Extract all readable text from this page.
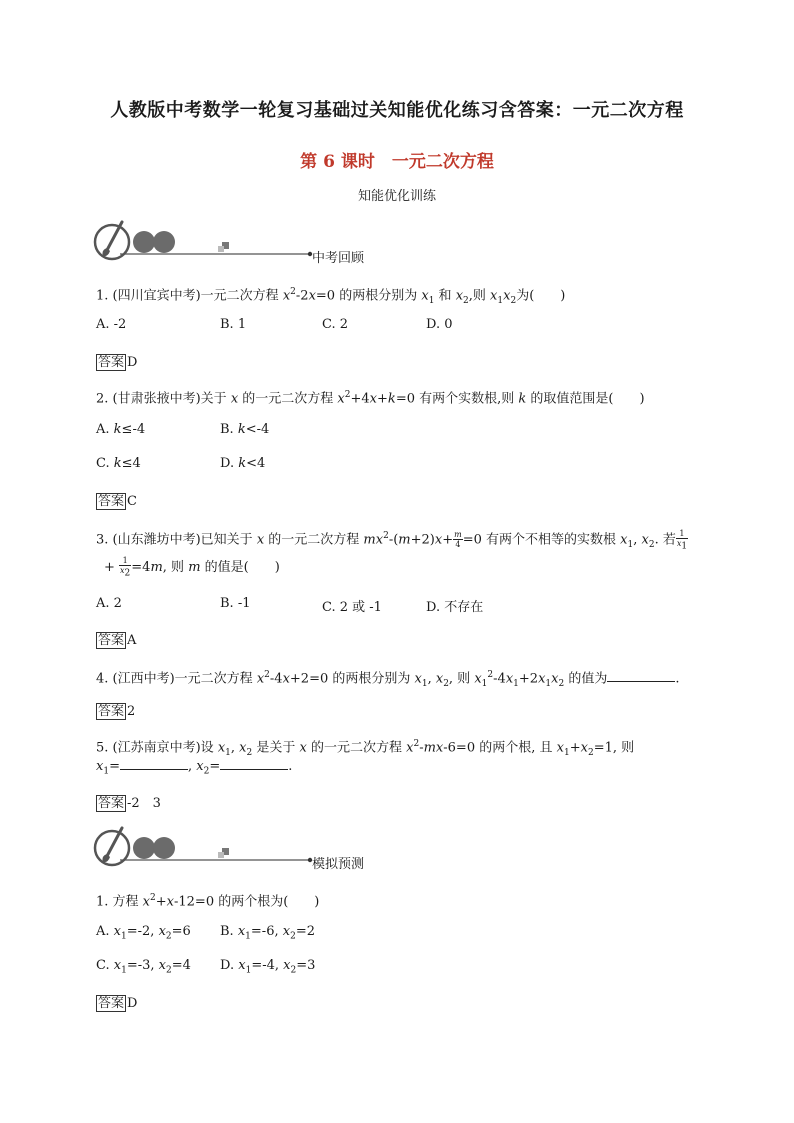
人教版中考数学一轮复习基础过关知能优化练习含答案：一元二次方程
第 6 课时　一元二次方程
知能优化训练
中考回顾
1. (四川宜宾中考)一元二次方程 $x^2-2x=0$ 的两根分别为 $x_1$ 和 $x_2$,则 $x_1x_2$为(　　)
A. -2	B. 1	C. 2	D. 0
答案 D
2. (甘肃张掖中考)关于 x 的一元二次方程 $x^2+4x+k=0$ 有两个实数根,则 k 的取值范围是(　　)
A. k≤-4	B. k<-4
C. k≤4	D. k<4
答案 C
3. (山东潍坊中考)已知关于 x 的一元二次方程 $mx^2-(m+2)x+ \frac{m}{4} =0$ 有两个不相等的实数根 $x_1$, $x_2$. 若 $\frac{1}{x_1}$
+ $\frac{1}{x_2} =4m$, 则 m 的值是(　　)
A. 2	B. -1	C. 2 或 -1	D. 不存在
答案 A
4. (江西中考)一元二次方程 $x^2-4x+2=0$ 的两根分别为 $x_1$, $x_2$, 则 $x_1^2-4x_1+2x_1x_2$ 的值为	.
答案 2
5. (江苏南京中考)设 $x_1$, $x_2$ 是关于 x 的一元二次方程 $x^2-mx-6=0$ 的两个根, 且 $x_1+x_2=1$, 则
$x_1=$	, $x_2=$	.
答案 -2　3
模拟预测
1. 方程 $x^2+x-12=0$ 的两个根为(　　)
A. $x_1=-2$, $x_2=6$ B. $x_1=-6$, $x_2=2$
C. $x_1=-3$, $x_2=4$ D. $x_1=-4$, $x_2=3$
答案 D
